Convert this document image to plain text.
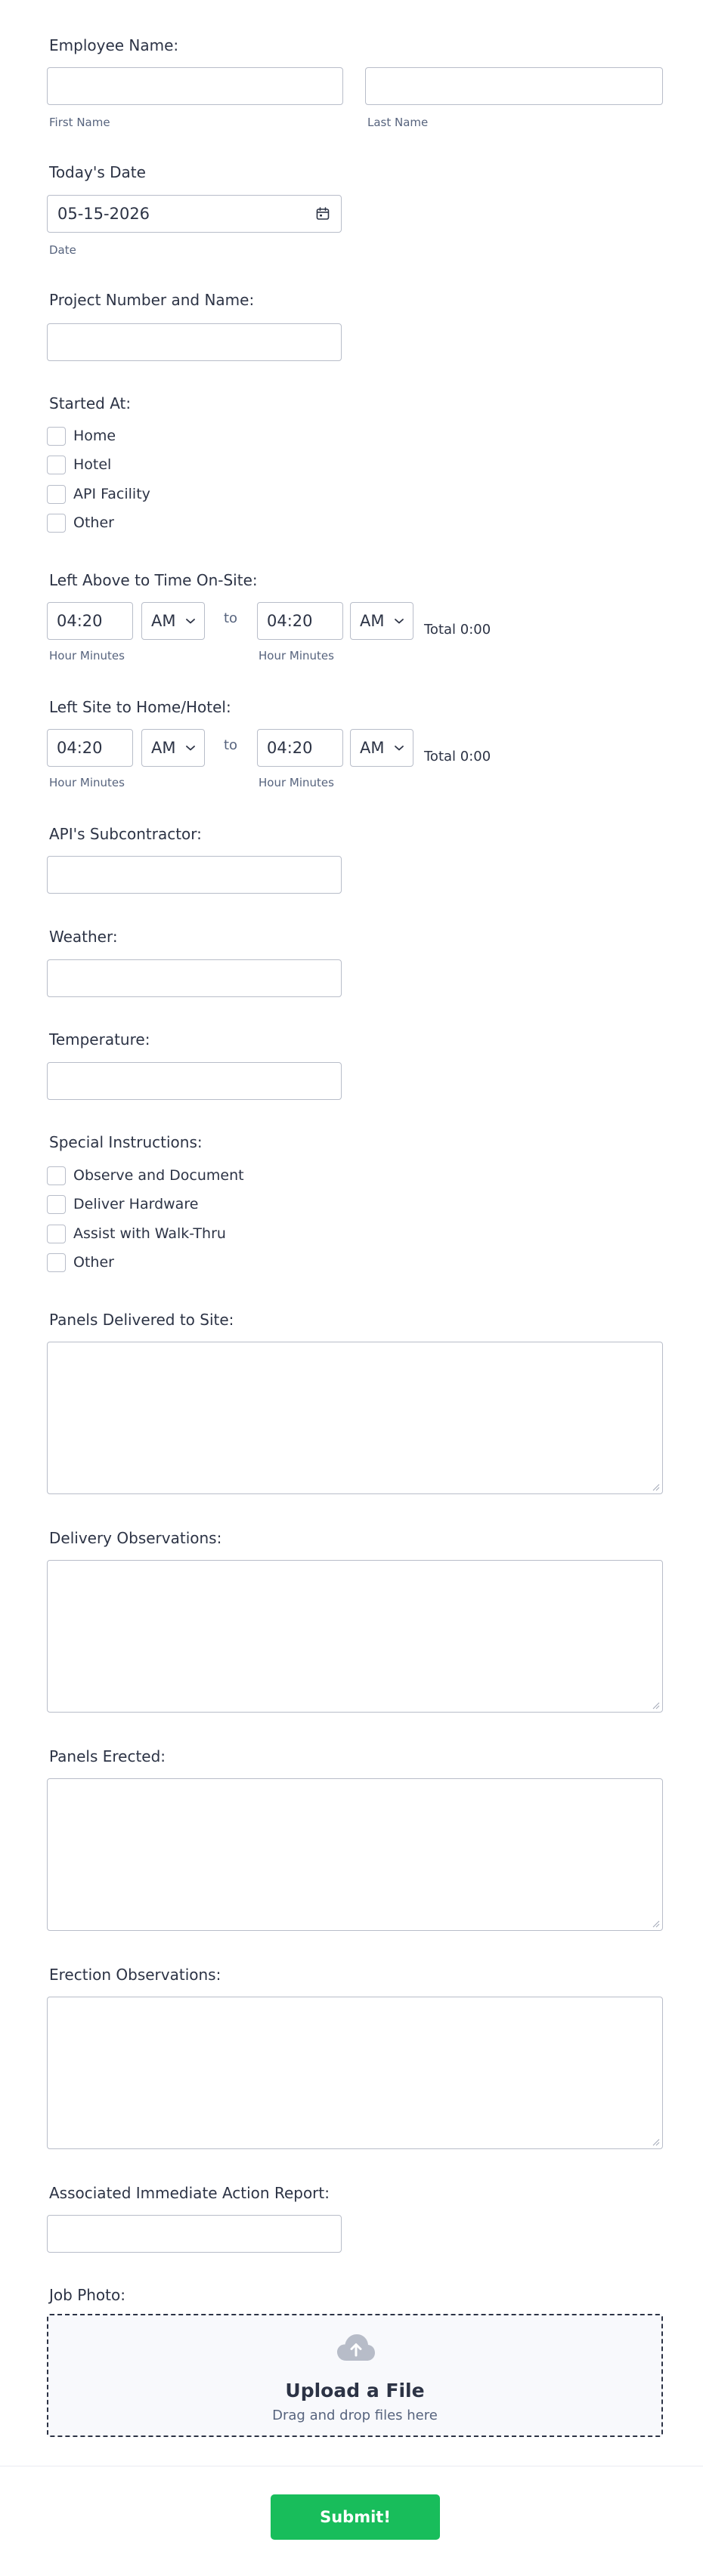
Employee Name:
First Name	Last Name
Today's Date
05-15-2026
Date
Project Number and Name:
Started At:
Home
Hotel
API Facility
Other
Left Above to Time On-Site:
04:20	AM	to 04:20	AM	Total 0:00
Hour Minutes	Hour Minutes
Left Site to Home/Hotel:
04:20	AM	to 04:20	AM	Total 0:00
Hour Minutes	Hour Minutes
API's Subcontractor:
Weather:
Temperature:
Special Instructions:
Observe and Document
Deliver Hardware
Assist with Walk-Thru
Other
Panels Delivered to Site:
Delivery Observations:
Panels Erected:
Erection Observations:
Associated Immediate Action Report:
Job Photo:
Upload a File
Drag and drop files here
Submit!
